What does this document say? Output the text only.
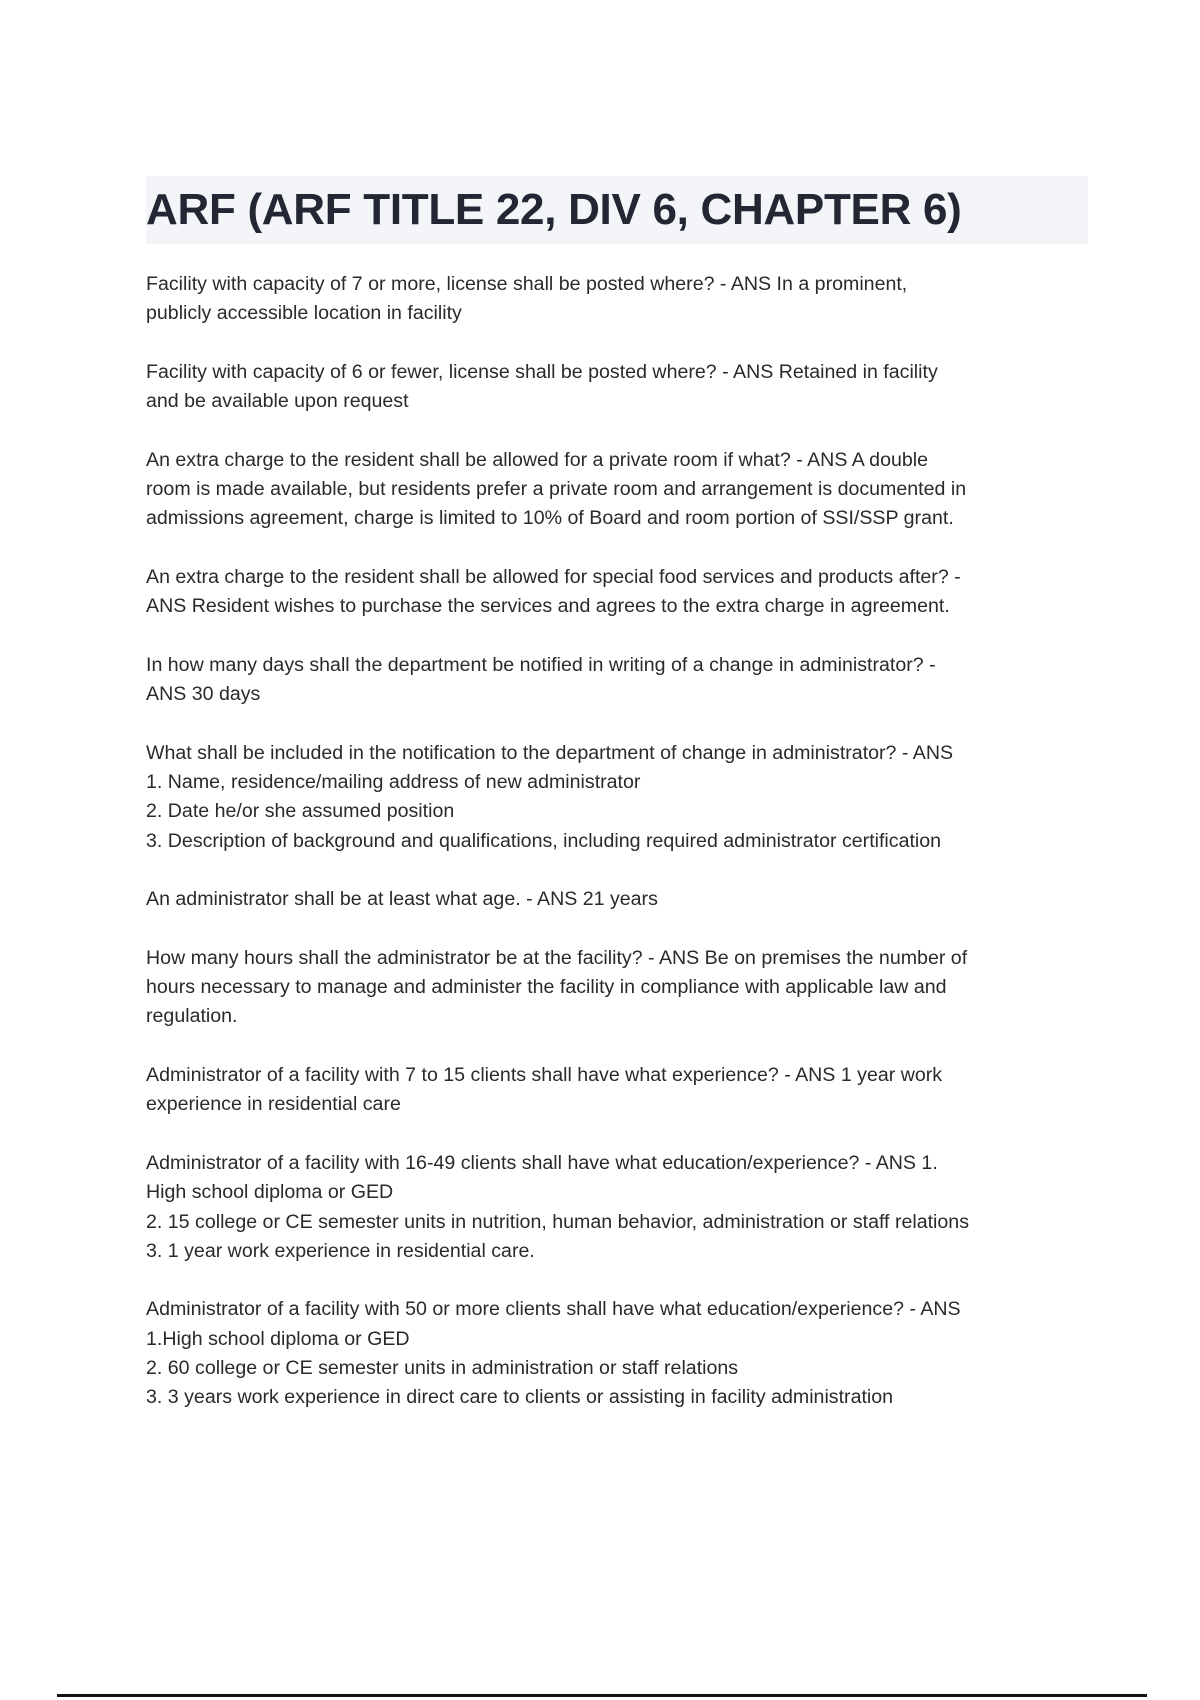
ARF (ARF TITLE 22, DIV 6, CHAPTER 6)
Facility with capacity of 7 or more, license shall be posted where? - ANS In a prominent,
publicly accessible location in facility
Facility with capacity of 6 or fewer, license shall be posted where? - ANS Retained in facility
and be available upon request
An extra charge to the resident shall be allowed for a private room if what? - ANS A double
room is made available, but residents prefer a private room and arrangement is documented in
admissions agreement, charge is limited to 10% of Board and room portion of SSI/SSP grant.
An extra charge to the resident shall be allowed for special food services and products after? -
ANS Resident wishes to purchase the services and agrees to the extra charge in agreement.
In how many days shall the department be notified in writing of a change in administrator? -
ANS 30 days
What shall be included in the notification to the department of change in administrator? - ANS
1. Name, residence/mailing address of new administrator
2. Date he/or she assumed position
3. Description of background and qualifications, including required administrator certification
An administrator shall be at least what age. - ANS 21 years
How many hours shall the administrator be at the facility? - ANS Be on premises the number of
hours necessary to manage and administer the facility in compliance with applicable law and
regulation.
Administrator of a facility with 7 to 15 clients shall have what experience? - ANS 1 year work
experience in residential care
Administrator of a facility with 16-49 clients shall have what education/experience? - ANS 1.
High school diploma or GED
2. 15 college or CE semester units in nutrition, human behavior, administration or staff relations
3. 1 year work experience in residential care.
Administrator of a facility with 50 or more clients shall have what education/experience? - ANS
1.High school diploma or GED
2. 60 college or CE semester units in administration or staff relations
3. 3 years work experience in direct care to clients or assisting in facility administration
